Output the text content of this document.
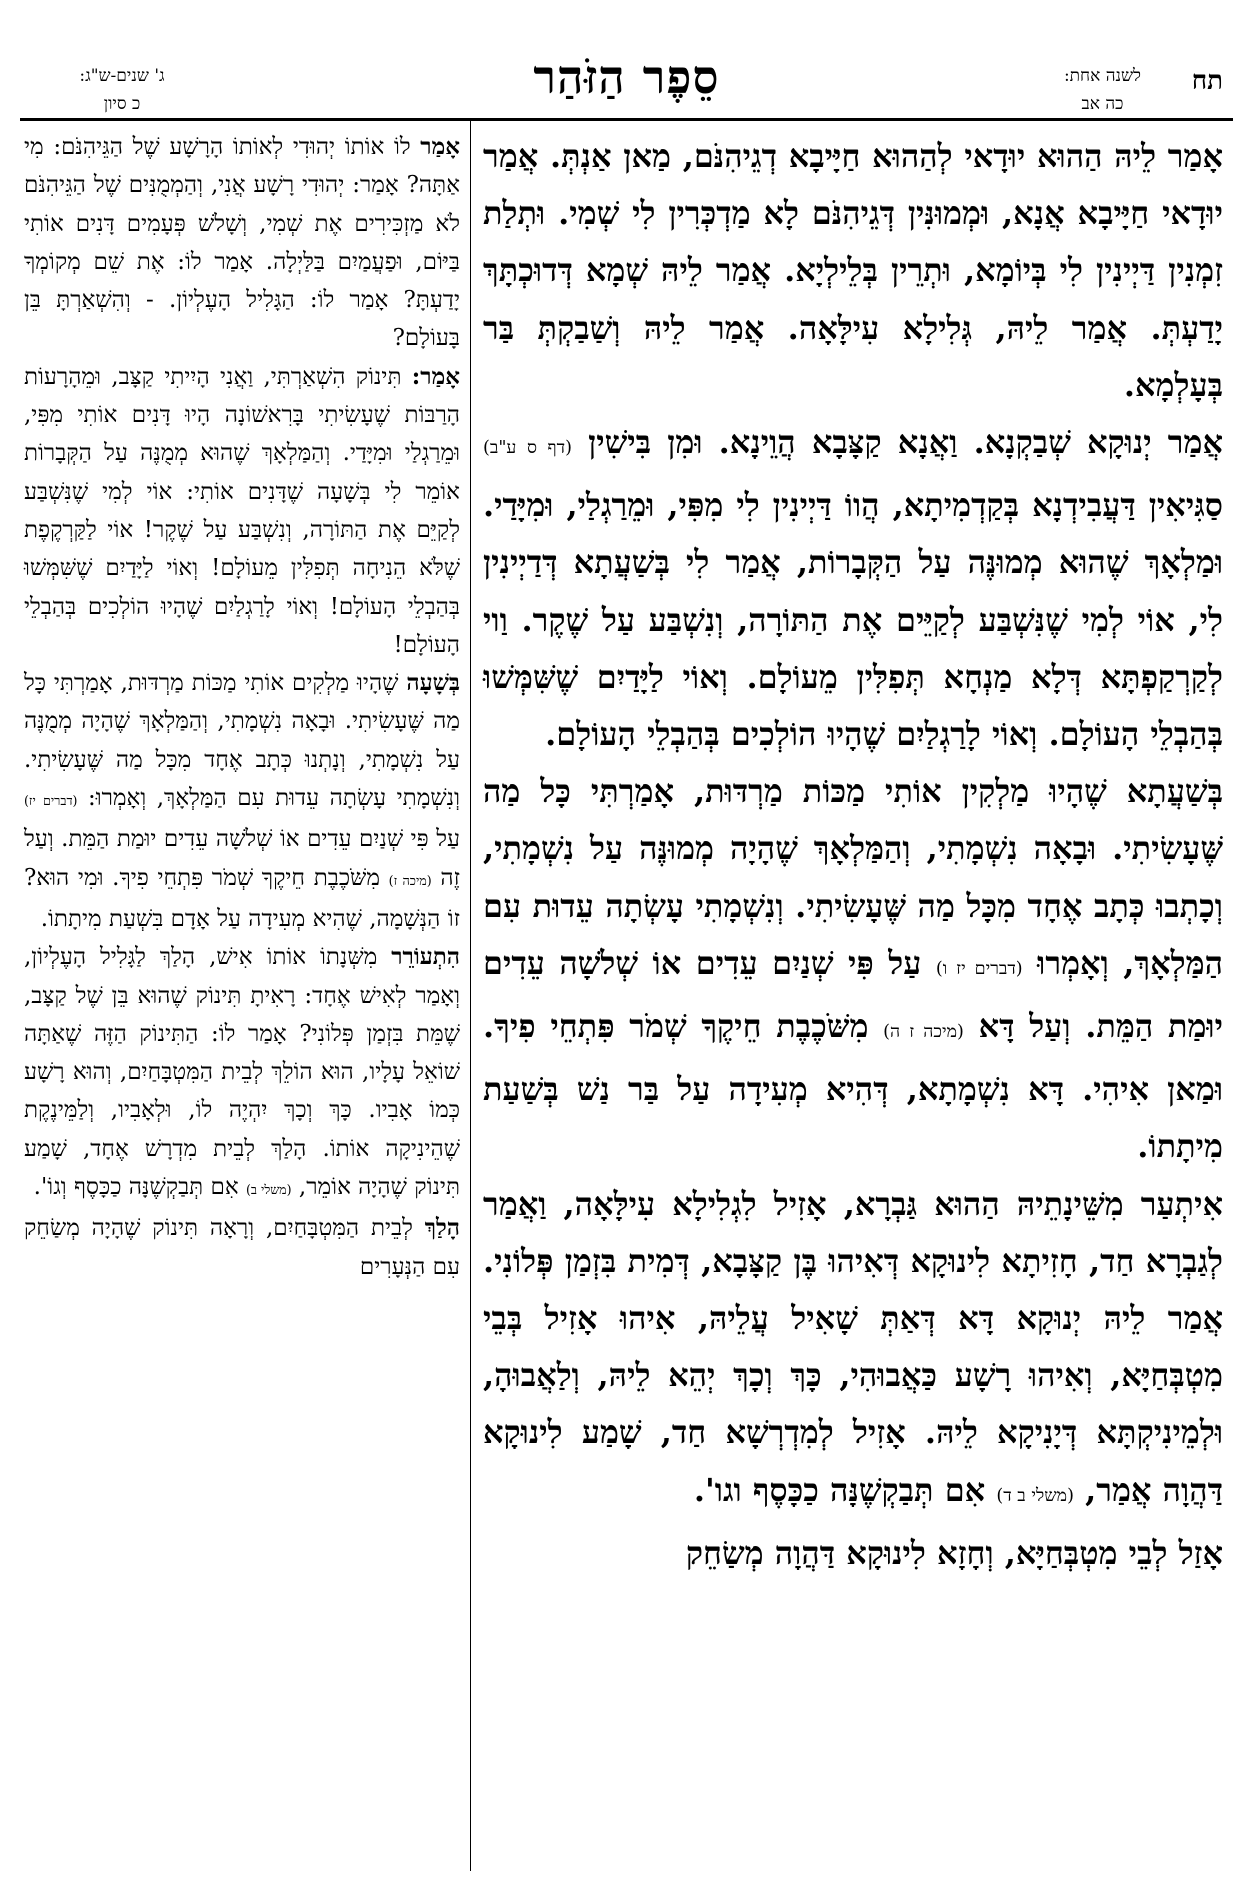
תח
לשנה אחת:
כה אב
סֵפֶר הַזֹּהַר
ג' שנים-ש"ג:
כ סיון

אָמַר לֵיהּ הַהוּא יוּדָאי לְהַהוּא חַיָּיבָא דְגֵיהִנֹּם, מַאן אַנְתְּ. אֲמַר יוּדָאי חַיָּיבָא אֲנָא, וּמְמוּנִּין דְּגֵיהִנֹּם לָא מַדְכְּרִין לִי שְׁמִי. וּתְלַת זִמְנִין דַּיְינִין לִי בְּיוֹמָא, וּתְרֵין בְּלֵילְיָא. אֲמַר לֵיהּ שְׁמָא דְּדוּכְתָּךְ יָדַעְתְּ. אֲמַר לֵיהּ, גְּלִילָא עִילָּאָה. אֲמַר לֵיהּ וְשַׁבַקְתְּ בַּר בְּעָלְמָא.

אֲמַר יְנוּקָא שְׁבַקְנָא. וַאֲנָא קַצָּבָא הֲוֵינָא. וּמִן בִּישִׁין (דף ס ע"ב) סַגִּיאִין דַּעֲבִידְנָא בְּקַדְמִיתָא, הֲווֹ דַּיְינִין לִי מִפִּי, וּמֵרַגְלַי, וּמִיָּדַי. וּמַלְאָךְ שֶׁהוּא מְמוּנֶּה עַל הַקְּבָרוֹת, אֲמַר לִי בְּשַׁעֲתָא דְּדַיְינִין לִי, אוֹי לְמִי שֶׁנִּשְׁבַּע לְקַיֵּים אֶת הַתּוֹרָה, וְנִשְׁבַּע עַל שֶׁקֶר. וַוי לְקַרְקַפְתָּא דְּלָא מַנְחָא תְּפִלִּין מֵעוֹלָם. וְאוֹי לַיָּדַיִם שֶׁשִּׁמְּשׁוּ בְּהַבְלֵי הָעוֹלָם. וְאוֹי לָרַגְלַיִם שֶׁהָיוּ הוֹלְכִים בְּהַבְלֵי הָעוֹלָם.

בְּשַׁעֲתָא שֶׁהָיוּ מַלְקִין אוֹתִי מַכּוֹת מַרְדּוּת, אָמַרְתִּי כָּל מַה שֶּׁעָשִׂיתִי. וּבָאָה נִשְׁמָתִי, וְהַמַּלְאָךְ שֶׁהָיָה מְמוּנֶּה עַל נִשְׁמָתִי, וְכָתְבוּ כְּתָב אֶחָד מִכָּל מַה שֶּׁעָשִׂיתִי. וְנִשְׁמָתִי עָשְׂתָה עֵדוּת עִם הַמַּלְאָךְ, וְאָמְרוּ (דברים יז ו) עַל פִּי שְׁנַיִם עֵדִים אוֹ שְׁלֹשָׁה עֵדִים יוּמַת הַמֵּת. וְעַל דָּא (מיכה ז ה) מִשֹּׁכֶבֶת חֵיקֶךָ שְׁמֹר פִּתְחֵי פִיךָ. וּמַאן אִיהִי. דָּא נִשְׁמָתָא, דְּהִיא מְעִידָה עַל בַּר נַשׁ בְּשַׁעַת מִיתָתוֹ.

אִיתְעַר מִשֵּׁינָתֵיהּ הַהוּא גַּבְרָא, אָזִיל לִגְלִילָא עִילָּאָה, וַאֲמַר לְגַבְרָא חַד, חָזִיתָא לִינוּקָא דְּאִיהוּ בֶּן קַצָּבָא, דְּמִית בִּזְמַן פְּלוֹנִי. אֲמַר לֵיהּ יְנוּקָא דָּא דְּאַתְּ שָׁאִיל עֲלֵיהּ, אִיהוּ אָזִיל בְּבֵי מִטְבְּחַיָּא, וְאִיהוּ רָשָׁע כַּאֲבוּהִי, כָּךְ וְכָךְ יְהֵא לֵיהּ, וְלַאֲבוּהָ, וּלְמֵינִיקְתָּא דְּיָנִיקָא לֵיהּ. אָזִיל לְמִדְרְשָׁא חַד, שָׁמַע לִינוּקָא דַּהֲוָה אֲמַר, (משלי ב ד) אִם תְּבַקְשֶׁנָּה כַכָּסֶף וגו'.

אָזַל לְבֵי מִטְבְּחַיָּא, וְחָזָא לִינוּקָא דַּהֲוָה מְשַׂחֵק

אָמַר לוֹ אוֹתוֹ יְהוּדִי לְאוֹתוֹ הָרָשָׁע שֶׁל הַגֵּיהִנֹּם: מִי אַתָּה? אָמַר: יְהוּדִי רָשָׁע אֲנִי, וְהַמְמֻנִּים שֶׁל הַגֵּיהִנֹּם לֹא מַזְכִּירִים אֶת שְׁמִי, וְשָׁלֹשׁ פְּעָמִים דָּנִים אוֹתִי בַּיּוֹם, וּפַעֲמַיִם בַּלַּיְלָה. אָמַר לוֹ: אֶת שֵׁם מְקוֹמְךָ יָדַעְתָּ? אָמַר לוֹ: הַגָּלִיל הָעֶלְיוֹן. - וְהִשְׁאַרְתָּ בֵּן בָּעוֹלָם?

אָמַר: תִּינוֹק הִשְׁאַרְתִּי, וַאֲנִי הָיִיתִי קַצָּב, וּמֵהָרָעוֹת הָרַבּוֹת שֶׁעָשִׂיתִי בָּרִאשׁוֹנָה הָיוּ דָּנִים אוֹתִי מִפִּי, וּמֵרַגְלַי וּמִיָּדַי. וְהַמַּלְאָךְ שֶׁהוּא מְמֻנֶּה עַל הַקְּבָרוֹת אוֹמֵר לִי בְּשָׁעָה שֶׁדָּנִים אוֹתִי: אוֹי לְמִי שֶׁנִּשְׁבַּע לְקַיֵּם אֶת הַתּוֹרָה, וְנִשְׁבַּע עַל שֶׁקֶר! אוֹי לַקַּרְקֶפֶת שֶׁלֹּא הֵנִיחָה תְּפִלִּין מֵעוֹלָם! וְאוֹי לַיָּדַיִם שֶׁשִּׁמְּשׁוּ בְּהַבְלֵי הָעוֹלָם! וְאוֹי לָרַגְלַיִם שֶׁהָיוּ הוֹלְכִים בְּהַבְלֵי הָעוֹלָם!

בְּשָׁעָה שֶׁהָיוּ מַלְקִים אוֹתִי מַכּוֹת מַרְדּוּת, אָמַרְתִּי כָּל מַה שֶּׁעָשִׂיתִי. וּבָאָה נִשְׁמָתִי, וְהַמַּלְאָךְ שֶׁהָיָה מְמֻנֶּה עַל נִשְׁמָתִי, וְנָתְנוּ כְּתָב אֶחָד מִכָּל מַה שֶּׁעָשִׂיתִי. וְנִשְׁמָתִי עָשְׂתָה עֵדוּת עִם הַמַּלְאָךְ, וְאָמְרוּ: (דברים יז) עַל פִּי שְׁנַיִם עֵדִים אוֹ שְׁלֹשָׁה עֵדִים יוּמַת הַמֵּת. וְעַל זֶה (מיכה ז) מִשֹּׁכֶבֶת חֵיקֶךָ שְׁמֹר פִּתְחֵי פִיךָ. וּמִי הוּא? זוֹ הַנְּשָׁמָה, שֶׁהִיא מְעִידָה עַל אָדָם בִּשְׁעַת מִיתָתוֹ.

הִתְעוֹרֵר מִשְּׁנָתוֹ אוֹתוֹ אִישׁ, הָלַךְ לַגָּלִיל הָעֶלְיוֹן, וְאָמַר לְאִישׁ אֶחָד: רָאִיתָ תִּינוֹק שֶׁהוּא בֵּן שֶׁל קַצָּב, שֶׁמֵּת בִּזְמַן פְּלוֹנִי? אָמַר לוֹ: הַתִּינוֹק הַזֶּה שֶׁאַתָּה שׁוֹאֵל עָלָיו, הוּא הוֹלֵךְ לְבֵית הַמִּטְבָּחַיִם, וְהוּא רָשָׁע כְּמוֹ אָבִיו. כָּךְ וְכָךְ יִהְיֶה לוֹ, וּלְאָבִיו, וְלַמֵּינֶקֶת שֶׁהֵינִיקָה אוֹתוֹ. הָלַךְ לְבֵית מִדְרָשׁ אֶחָד, שָׁמַע תִּינוֹק שֶׁהָיָה אוֹמֵר, (משלי ב) אִם תְּבַקְשֶׁנָּה כַכָּסֶף וְגוֹ'.

הָלַךְ לְבֵית הַמִּטְבָּחַיִם, וְרָאָה תִּינוֹק שֶׁהָיָה מְשַׂחֵק עִם הַנְּעָרִים
